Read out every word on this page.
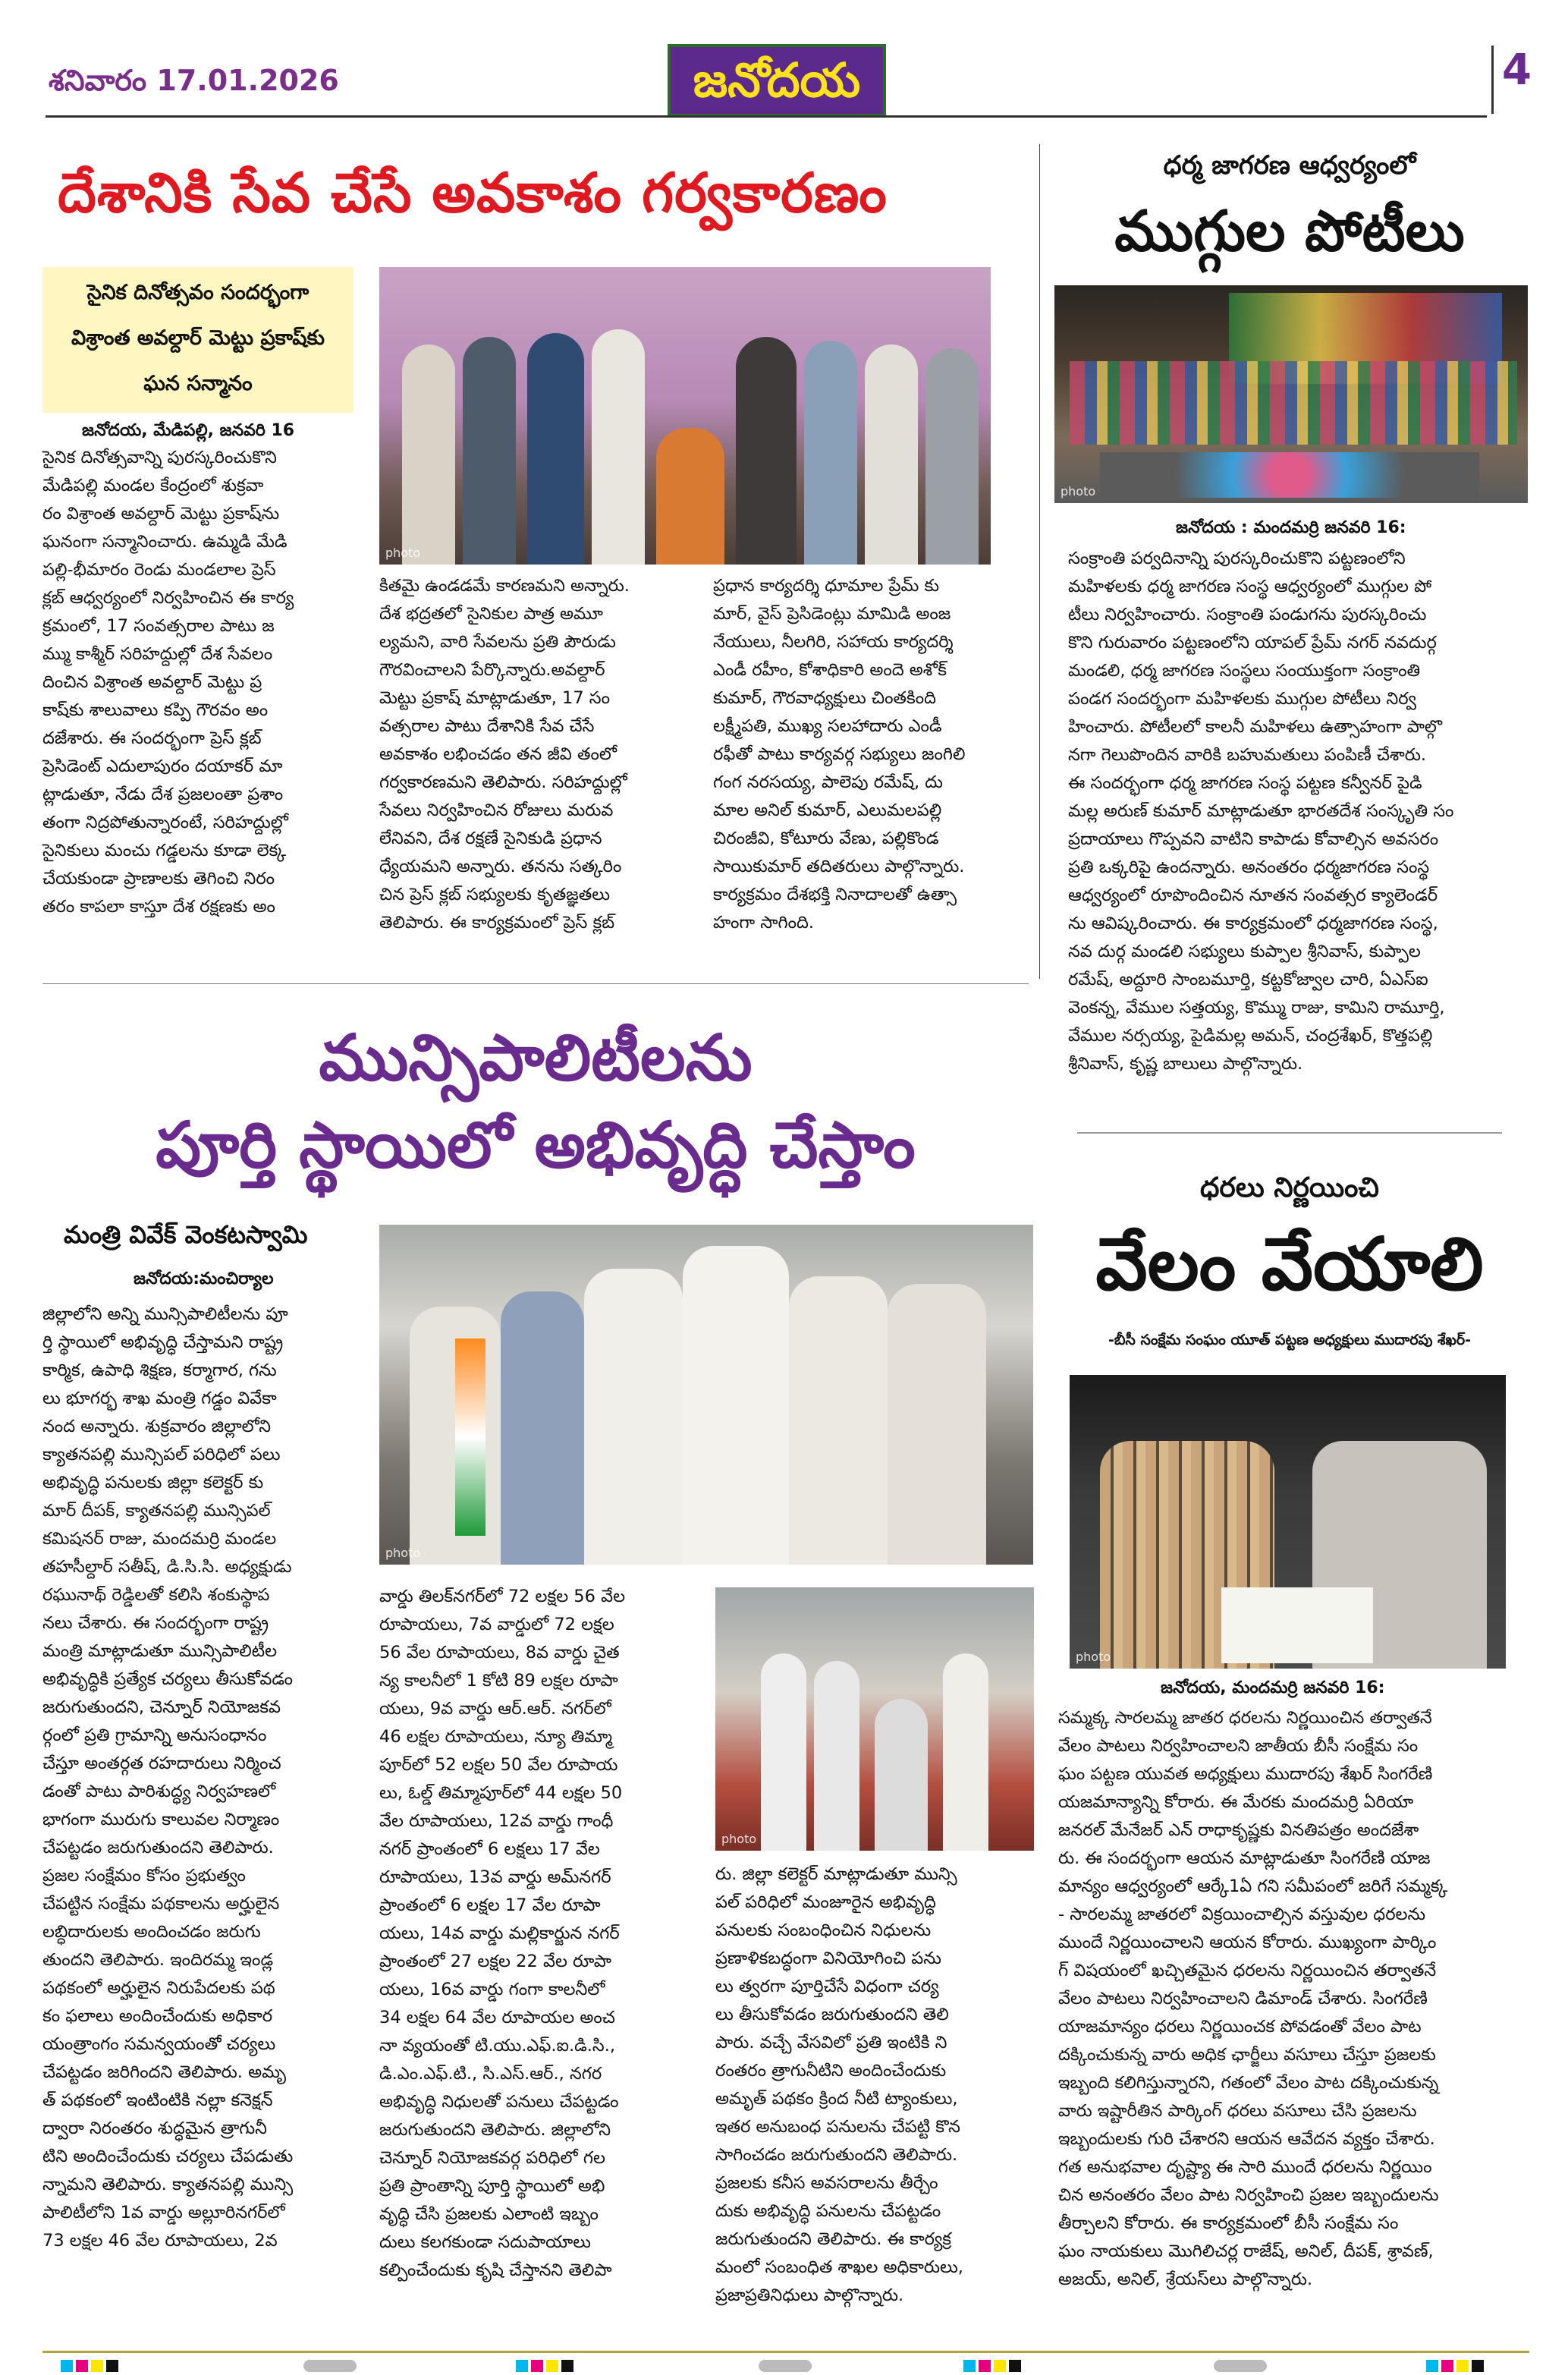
శనివారం 17.01.2026	జనోదయ	4
దేశానికి సేవ చేసే అవకాశం గర్వకారణం
సైనిక దినోత్సవం సందర్భంగా
విశ్రాంత అవల్దార్ మెట్టు ప్రకాష్‌కు
ఘన సన్మానం
జనోదయ, మేడిపల్లి, జనవరి 16
photo
సైనిక దినోత్సవాన్ని పురస్కరించుకొని
మేడిపల్లి మండల కేంద్రంలో శుక్రవా
రం విశ్రాంత అవల్దార్ మెట్టు ప్రకాష్‌ను
ఘనంగా సన్మానించారు. ఉమ్మడి మేడి
పల్లి-భీమారం రెండు మండలాల ప్రెస్
క్లబ్ ఆధ్వర్యంలో నిర్వహించిన ఈ కార్య
క్రమంలో, 17 సంవత్సరాల పాటు జ
మ్ము కాశ్మీర్ సరిహద్దుల్లో దేశ సేవలం
దించిన విశ్రాంత అవల్దార్ మెట్టు ప్ర
కాష్‌కు శాలువాలు కప్పి గౌరవం అం
దజేశారు. ఈ సందర్భంగా ప్రెస్ క్లబ్
ప్రెసిడెంట్ ఎదులాపురం దయాకర్ మా
ట్లాడుతూ, నేడు దేశ ప్రజలంతా ప్రశాం
తంగా నిద్రపోతున్నారంటే, సరిహద్దుల్లో
సైనికులు మంచు గడ్డలను కూడా లెక్క
చేయకుండా ప్రాణాలకు తెగించి నిరం
తరం కాపలా కాస్తూ దేశ రక్షణకు అం
కితమై ఉండడమే కారణమని అన్నారు.
దేశ భద్రతలో సైనికుల పాత్ర అమూ
ల్యమని, వారి సేవలను ప్రతి పౌరుడు
గౌరవించాలని పేర్కొన్నారు.అవల్దార్
మెట్టు ప్రకాష్ మాట్లాడుతూ, 17 సం
వత్సరాల పాటు దేశానికి సేవ చేసే
అవకాశం లభించడం తన జీవి తంలో
గర్వకారణమని తెలిపారు. సరిహద్దుల్లో
సేవలు నిర్వహించిన రోజులు మరువ
లేనివని, దేశ రక్షణే సైనికుడి ప్రధాన
ధ్యేయమని అన్నారు. తనను సత్కరిం
చిన ప్రెస్ క్లబ్ సభ్యులకు కృతజ్ఞతలు
తెలిపారు. ఈ కార్యక్రమంలో ప్రెస్ క్లబ్
ప్రధాన కార్యదర్శి ధూమాల ప్రేమ్ కు
మార్, వైస్ ప్రెసిడెంట్లు మామిడి అంజ
నేయులు, నీలగిరి, సహాయ కార్యదర్శి
ఎండీ రహీం, కోశాధికారి అందె అశోక్
కుమార్, గౌరవాధ్యక్షులు చింతకింది
లక్ష్మీపతి, ముఖ్య సలహాదారు ఎండీ
రఫీతో పాటు కార్యవర్గ సభ్యులు జంగిలి
గంగ నరసయ్య, పాలెపు రమేష్, దు
మాల అనిల్ కుమార్, ఎలుమలపల్లి
చిరంజీవి, కోటూరు వేణు, పల్లికొండ
సాయికుమార్ తదితరులు పాల్గొన్నారు.
కార్యక్రమం దేశభక్తి నినాదాలతో ఉత్సా
హంగా సాగింది.
ధర్మ జాగరణ ఆధ్వర్యంలో
ముగ్గుల పోటీలు
photo
జనోదయ : మందమర్రి జనవరి 16:
సంక్రాంతి పర్వదినాన్ని పురస్కరించుకొని పట్టణంలోని
మహిళలకు ధర్మ జాగరణ సంస్థ ఆధ్వర్యంలో ముగ్గుల పో
టీలు నిర్వహించారు. సంక్రాంతి పండుగను పురస్కరించు
కొని గురువారం పట్టణంలోని యాపల్ ప్రేమ్ నగర్ నవదుర్గ
మండలి, ధర్మ జాగరణ సంస్థలు సంయుక్తంగా సంక్రాంతి
పండగ సందర్భంగా మహిళలకు ముగ్గుల పోటీలు నిర్వ
హించారు. పోటీలలో కాలనీ మహిళలు ఉత్సాహంగా పాల్గొ
నగా గెలుపొందిన వారికి బహుమతులు పంపిణీ చేశారు.
ఈ సందర్భంగా ధర్మ జాగరణ సంస్థ పట్టణ కన్వీనర్ పైడి
మల్ల అరుణ్ కుమార్ మాట్లాడుతూ భారతదేశ సంస్కృతి సం
ప్రదాయాలు గొప్పవని వాటిని కాపాడు కోవాల్సిన అవసరం
ప్రతి ఒక్కరిపై ఉందన్నారు. అనంతరం ధర్మజాగరణ సంస్థ
ఆధ్వర్యంలో రూపొందించిన నూతన సంవత్సర క్యాలెండర్
ను ఆవిష్కరించారు. ఈ కార్యక్రమంలో ధర్మజాగరణ సంస్థ,
నవ దుర్గ మండలి సభ్యులు కుప్పాల శ్రీనివాస్, కుప్పాల
రమేష్, అద్దూరి సాంబమూర్తి, కట్టకోజ్వాల చారి, ఏఎస్ఐ
వెంకన్న, వేముల సత్తయ్య, కొమ్ము రాజు, కామిని రామూర్తి,
వేముల నర్సయ్య, పైడిమల్ల అమన్, చంద్రశేఖర్, కొత్తపల్లి
శ్రీనివాస్, కృష్ణ బాలులు పాల్గొన్నారు.
మున్సిపాలిటీలను
పూర్తి స్థాయిలో అభివృద్ధి చేస్తాం
మంత్రి వివేక్ వెంకటస్వామి
జనోదయ:మంచిర్యాల
photo
photo
జిల్లాలోని అన్ని మున్సిపాలిటీలను పూ
ర్తి స్థాయిలో అభివృద్ధి చేస్తామని రాష్ట్ర
కార్మిక, ఉపాధి శిక్షణ, కర్మాగార, గను
లు భూగర్భ శాఖ మంత్రి గడ్డం వివేకా
నంద అన్నారు. శుక్రవారం జిల్లాలోని
క్యాతనపల్లి మున్సిపల్ పరిధిలో పలు
అభివృద్ధి పనులకు జిల్లా కలెక్టర్ కు
మార్ దీపక్, క్యాతనపల్లి మున్సిపల్
కమిషనర్ రాజు, మందమర్రి మండల
తహసీల్దార్ సతీష్, డి.సి.సి. అధ్యక్షుడు
రఘునాథ్ రెడ్డిలతో కలిసి శంకుస్థాప
నలు చేశారు. ఈ సందర్భంగా రాష్ట్ర
మంత్రి మాట్లాడుతూ మున్సిపాలిటీల
అభివృద్ధికి ప్రత్యేక చర్యలు తీసుకోవడం
జరుగుతుందని, చెన్నూర్ నియోజకవ
ర్గంలో ప్రతి గ్రామాన్ని అనుసంధానం
చేస్తూ అంతర్గత రహదారులు నిర్మించ
డంతో పాటు పారిశుద్ధ్య నిర్వహణలో
భాగంగా మురుగు కాలువల నిర్మాణం
చేపట్టడం జరుగుతుందని తెలిపారు.
ప్రజల సంక్షేమం కోసం ప్రభుత్వం
చేపట్టిన సంక్షేమ పథకాలను అర్హులైన
లబ్ధిదారులకు అందించడం జరుగు
తుందని తెలిపారు. ఇందిరమ్మ ఇండ్ల
పథకంలో అర్హులైన నిరుపేదలకు పథ
కం ఫలాలు అందించేందుకు అధికార
యంత్రాంగం సమన్వయంతో చర్యలు
చేపట్టడం జరిగిందని తెలిపారు. అమృ
త్ పథకంలో ఇంటింటికి నల్లా కనెక్షన్
ద్వారా నిరంతరం శుద్ధమైన త్రాగునీ
టిని అందించేందుకు చర్యలు చేపడుతు
న్నామని తెలిపారు. క్యాతనపల్లి మున్సి
పాలిటీలోని 1వ వార్డు అల్లూరినగర్‌లో
73 లక్షల 46 వేల రూపాయలు, 2వ
వార్డు తిలక్‌నగర్‌లో 72 లక్షల 56 వేల
రూపాయలు, 7వ వార్డులో 72 లక్షల
56 వేల రూపాయలు, 8వ వార్డు చైత
న్య కాలనీలో 1 కోటి 89 లక్షల రూపా
యలు, 9వ వార్డు ఆర్.ఆర్. నగర్‌లో
46 లక్షల రూపాయలు, న్యూ తిమ్మా
పూర్‌లో 52 లక్షల 50 వేల రూపాయ
లు, ఓల్డ్ తిమ్మాపూర్‌లో 44 లక్షల 50
వేల రూపాయలు, 12వ వార్డు గాంధీ
నగర్ ప్రాంతంలో 6 లక్షలు 17 వేల
రూపాయలు, 13వ వార్డు అమ్‌నగర్
ప్రాంతంలో 6 లక్షల 17 వేల రూపా
యలు, 14వ వార్డు మల్లికార్జున నగర్
ప్రాంతంలో 27 లక్షల 22 వేల రూపా
యలు, 16వ వార్డు గంగా కాలనీలో
34 లక్షల 64 వేల రూపాయల అంచ
నా వ్యయంతో టి.యు.ఎఫ్.ఐ.డి.సి.,
డి.ఎం.ఎఫ్.టి., సి.ఎస్.ఆర్., నగర
అభివృద్ధి నిధులతో పనులు చేపట్టడం
జరుగుతుందని తెలిపారు. జిల్లాలోని
చెన్నూర్ నియోజకవర్గ పరిధిలో గల
ప్రతి ప్రాంతాన్ని పూర్తి స్థాయిలో అభి
వృద్ధి చేసి ప్రజలకు ఎలాంటి ఇబ్బం
దులు కలగకుండా సదుపాయాలు
కల్పించేందుకు కృషి చేస్తానని తెలిపా
రు. జిల్లా కలెక్టర్ మాట్లాడుతూ మున్సి
పల్ పరిధిలో మంజూరైన అభివృద్ధి
పనులకు సంబంధించిన నిధులను
ప్రణాళికబద్ధంగా వినియోగించి పను
లు త్వరగా పూర్తిచేసే విధంగా చర్య
లు తీసుకోవడం జరుగుతుందని తెలి
పారు. వచ్చే వేసవిలో ప్రతి ఇంటికి ని
రంతరం త్రాగునీటిని అందించేందుకు
అమృత్ పథకం క్రింద నీటి ట్యాంకులు,
ఇతర అనుబంధ పనులను చేపట్టి కొన
సాగించడం జరుగుతుందని తెలిపారు.
ప్రజలకు కనీస అవసరాలను తీర్చేం
దుకు అభివృద్ధి పనులను చేపట్టడం
జరుగుతుందని తెలిపారు. ఈ కార్యక్ర
మంలో సంబంధిత శాఖల అధికారులు,
ప్రజాప్రతినిధులు పాల్గొన్నారు.
ధరలు నిర్ణయించి
వేలం వేయాలి
-బీసీ సంక్షేమ సంఘం యూత్ పట్టణ అధ్యక్షులు ముదారపు శేఖర్-
photo
జనోదయ, మందమర్రి జనవరి 16:
సమ్మక్క సారలమ్మ జాతర ధరలను నిర్ణయించిన తర్వాతనే
వేలం పాటలు నిర్వహించాలని జాతీయ బీసీ సంక్షేమ సం
ఘం పట్టణ యువత అధ్యక్షులు ముదారపు శేఖర్ సింగరేణి
యజమాన్యాన్ని కోరారు. ఈ మేరకు మందమర్రి ఏరియా
జనరల్ మేనేజర్ ఎన్ రాధాకృష్ణకు వినతిపత్రం అందజేశా
రు. ఈ సందర్భంగా ఆయన మాట్లాడుతూ సింగరేణి యాజ
మాన్యం ఆధ్వర్యంలో ఆర్కే1ఏ గని సమీపంలో జరిగే సమ్మక్క
- సారలమ్మ జాతరలో విక్రయించాల్సిన వస్తువుల ధరలను
ముందే నిర్ణయించాలని ఆయన కోరారు. ముఖ్యంగా పార్కిం
గ్ విషయంలో ఖచ్చితమైన ధరలను నిర్ణయించిన తర్వాతనే
వేలం పాటలు నిర్వహించాలని డిమాండ్ చేశారు. సింగరేణి
యాజమాన్యం ధరలు నిర్ణయించక పోవడంతో వేలం పాట
దక్కించుకున్న వారు అధిక ఛార్జీలు వసూలు చేస్తూ ప్రజలకు
ఇబ్బంది కలిగిస్తున్నారని, గతంలో వేలం పాట దక్కించుకున్న
వారు ఇష్టారీతిన పార్కింగ్ ధరలు వసూలు చేసి ప్రజలను
ఇబ్బందులకు గురి చేశారని ఆయన ఆవేదన వ్యక్తం చేశారు.
గత అనుభవాల దృష్ట్యా ఈ సారి ముందే ధరలను నిర్ణయిం
చిన అనంతరం వేలం పాట నిర్వహించి ప్రజల ఇబ్బందులను
తీర్చాలని కోరారు. ఈ కార్యక్రమంలో బీసీ సంక్షేమ సం
ఘం నాయకులు మొగిలిచర్ల రాజేష్, అనిల్, దీపక్, శ్రావణ్,
అజయ్, అనిల్, శ్రేయస్‌లు పాల్గొన్నారు.
